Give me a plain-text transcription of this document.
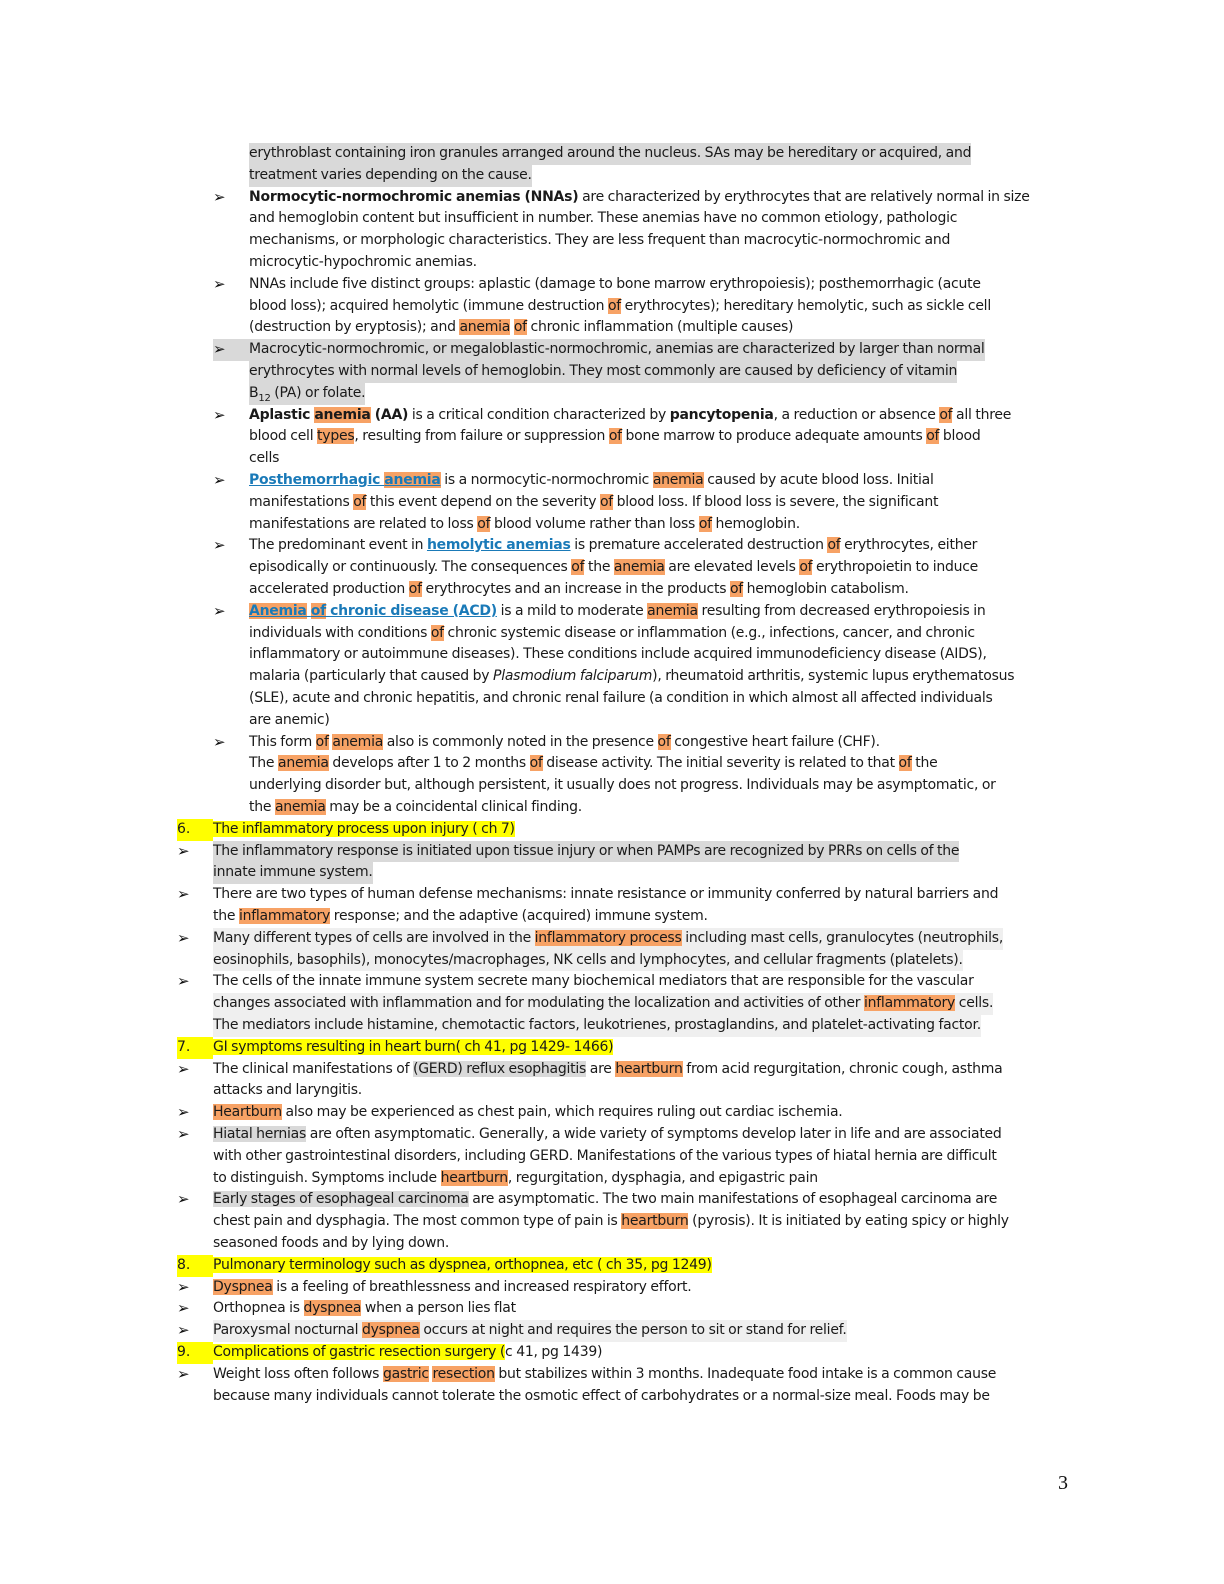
erythroblast containing iron granules arranged around the nucleus. SAs may be hereditary or acquired, and
treatment varies depending on the cause.
➢ Normocytic-normochromic anemias (NNAs) are characterized by erythrocytes that are relatively normal in size
and hemoglobin content but insufficient in number. These anemias have no common etiology, pathologic
mechanisms, or morphologic characteristics. They are less frequent than macrocytic-normochromic and
microcytic-hypochromic anemias.
➢ NNAs include five distinct groups: aplastic (damage to bone marrow erythropoiesis); posthemorrhagic (acute
blood loss); acquired hemolytic (immune destruction of erythrocytes); hereditary hemolytic, such as sickle cell
(destruction by eryptosis); and anemia of chronic inflammation (multiple causes)
➢	Macrocytic-normochromic, or megaloblastic-normochromic, anemias are characterized by larger than normal
erythrocytes with normal levels of hemoglobin. They most commonly are caused by deficiency of vitamin
$B_{12}$ (PA) or folate.
➢ Aplastic anemia (AA) is a critical condition characterized by pancytopenia, a reduction or absence of all three
blood cell types, resulting from failure or suppression of bone marrow to produce adequate amounts of blood
cells
➢ Posthemorrhagic anemia is a normocytic-normochromic anemia caused by acute blood loss. Initial
manifestations of this event depend on the severity of blood loss. If blood loss is severe, the significant
manifestations are related to loss of blood volume rather than loss of hemoglobin.
➢ The predominant event in hemolytic anemias is premature accelerated destruction of erythrocytes, either
episodically or continuously. The consequences of the anemia are elevated levels of erythropoietin to induce
accelerated production of erythrocytes and an increase in the products of hemoglobin catabolism.
➢ Anemia of chronic disease (ACD) is a mild to moderate anemia resulting from decreased erythropoiesis in
individuals with conditions of chronic systemic disease or inflammation (e.g., infections, cancer, and chronic
inflammatory or autoimmune diseases). These conditions include acquired immunodeficiency disease (AIDS),
malaria (particularly that caused by Plasmodium falciparum), rheumatoid arthritis, systemic lupus erythematosus
(SLE), acute and chronic hepatitis, and chronic renal failure (a condition in which almost all affected individuals
are anemic)
➢ This form of anemia also is commonly noted in the presence of congestive heart failure (CHF).
The anemia develops after 1 to 2 months of disease activity. The initial severity is related to that of the
underlying disorder but, although persistent, it usually does not progress. Individuals may be asymptomatic, or
the anemia may be a coincidental clinical finding.
6.	The inflammatory process upon injury ( ch 7)
➢ The inflammatory response is initiated upon tissue injury or when PAMPs are recognized by PRRs on cells of the
innate immune system.
➢ There are two types of human defense mechanisms: innate resistance or immunity conferred by natural barriers and
the inflammatory response; and the adaptive (acquired) immune system.
➢ Many different types of cells are involved in the inflammatory process including mast cells, granulocytes (neutrophils,
eosinophils, basophils), monocytes/macrophages, NK cells and lymphocytes, and cellular fragments (platelets).
➢ The cells of the innate immune system secrete many biochemical mediators that are responsible for the vascular
changes associated with inflammation and for modulating the localization and activities of other inflammatory cells.
The mediators include histamine, chemotactic factors, leukotrienes, prostaglandins, and platelet-activating factor.
7.	GI symptoms resulting in heart burn( ch 41, pg 1429- 1466)
➢ The clinical manifestations of (GERD) reflux esophagitis are heartburn from acid regurgitation, chronic cough, asthma
attacks and laryngitis.
➢ Heartburn also may be experienced as chest pain, which requires ruling out cardiac ischemia.
➢ Hiatal hernias are often asymptomatic. Generally, a wide variety of symptoms develop later in life and are associated
with other gastrointestinal disorders, including GERD. Manifestations of the various types of hiatal hernia are difficult
to distinguish. Symptoms include heartburn, regurgitation, dysphagia, and epigastric pain
➢ Early stages of esophageal carcinoma are asymptomatic. The two main manifestations of esophageal carcinoma are
chest pain and dysphagia. The most common type of pain is heartburn (pyrosis). It is initiated by eating spicy or highly
seasoned foods and by lying down.
8.	Pulmonary terminology such as dyspnea, orthopnea, etc ( ch 35, pg 1249)
➢ Dyspnea is a feeling of breathlessness and increased respiratory effort.
➢ Orthopnea is dyspnea when a person lies flat
➢ Paroxysmal nocturnal dyspnea occurs at night and requires the person to sit or stand for relief.
9.	Complications of gastric resection surgery (c 41, pg 1439)
➢ Weight loss often follows gastric resection but stabilizes within 3 months. Inadequate food intake is a common cause
because many individuals cannot tolerate the osmotic effect of carbohydrates or a normal-size meal. Foods may be
3
